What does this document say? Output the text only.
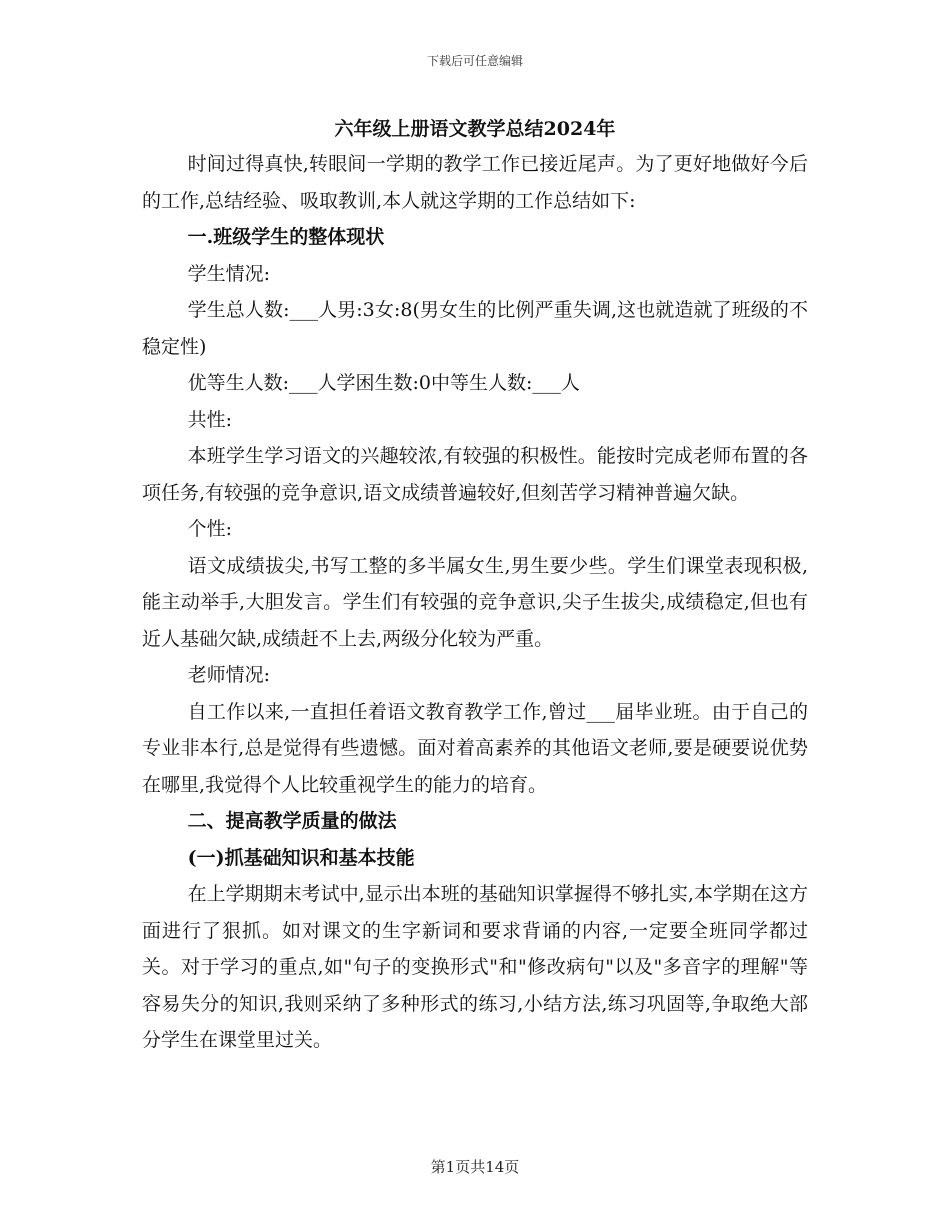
下载后可任意编辑
六年级上册语文教学总结2024年

时间过得真快,转眼间一学期的教学工作已接近尾声。为了更好地做好今后的工作,总结经验、吸取教训,本人就这学期的工作总结如下:

一.班级学生的整体现状

学生情况:

学生总人数:___人男:3女:8(男女生的比例严重失调,这也就造就了班级的不稳定性)

优等生人数:___人学困生数:0中等生人数:___人

共性:

本班学生学习语文的兴趣较浓,有较强的积极性。能按时完成老师布置的各项任务,有较强的竞争意识,语文成绩普遍较好,但刻苦学习精神普遍欠缺。

个性:

语文成绩拔尖,书写工整的多半属女生,男生要少些。学生们课堂表现积极,能主动举手,大胆发言。学生们有较强的竞争意识,尖子生拔尖,成绩稳定,但也有近人基础欠缺,成绩赶不上去,两级分化较为严重。

老师情况:

自工作以来,一直担任着语文教育教学工作,曾过___届毕业班。由于自己的专业非本行,总是觉得有些遗憾。面对着高素养的其他语文老师,要是硬要说优势在哪里,我觉得个人比较重视学生的能力的培育。

二、提高教学质量的做法

(一)抓基础知识和基本技能

在上学期期末考试中,显示出本班的基础知识掌握得不够扎实,本学期在这方面进行了狠抓。如对课文的生字新词和要求背诵的内容,一定要全班同学都过关。对于学习的重点,如"句子的变换形式"和"修改病句"以及"多音字的理解"等容易失分的知识,我则采纳了多种形式的练习,小结方法,练习巩固等,争取绝大部分学生在课堂里过关。

第1页共14页
